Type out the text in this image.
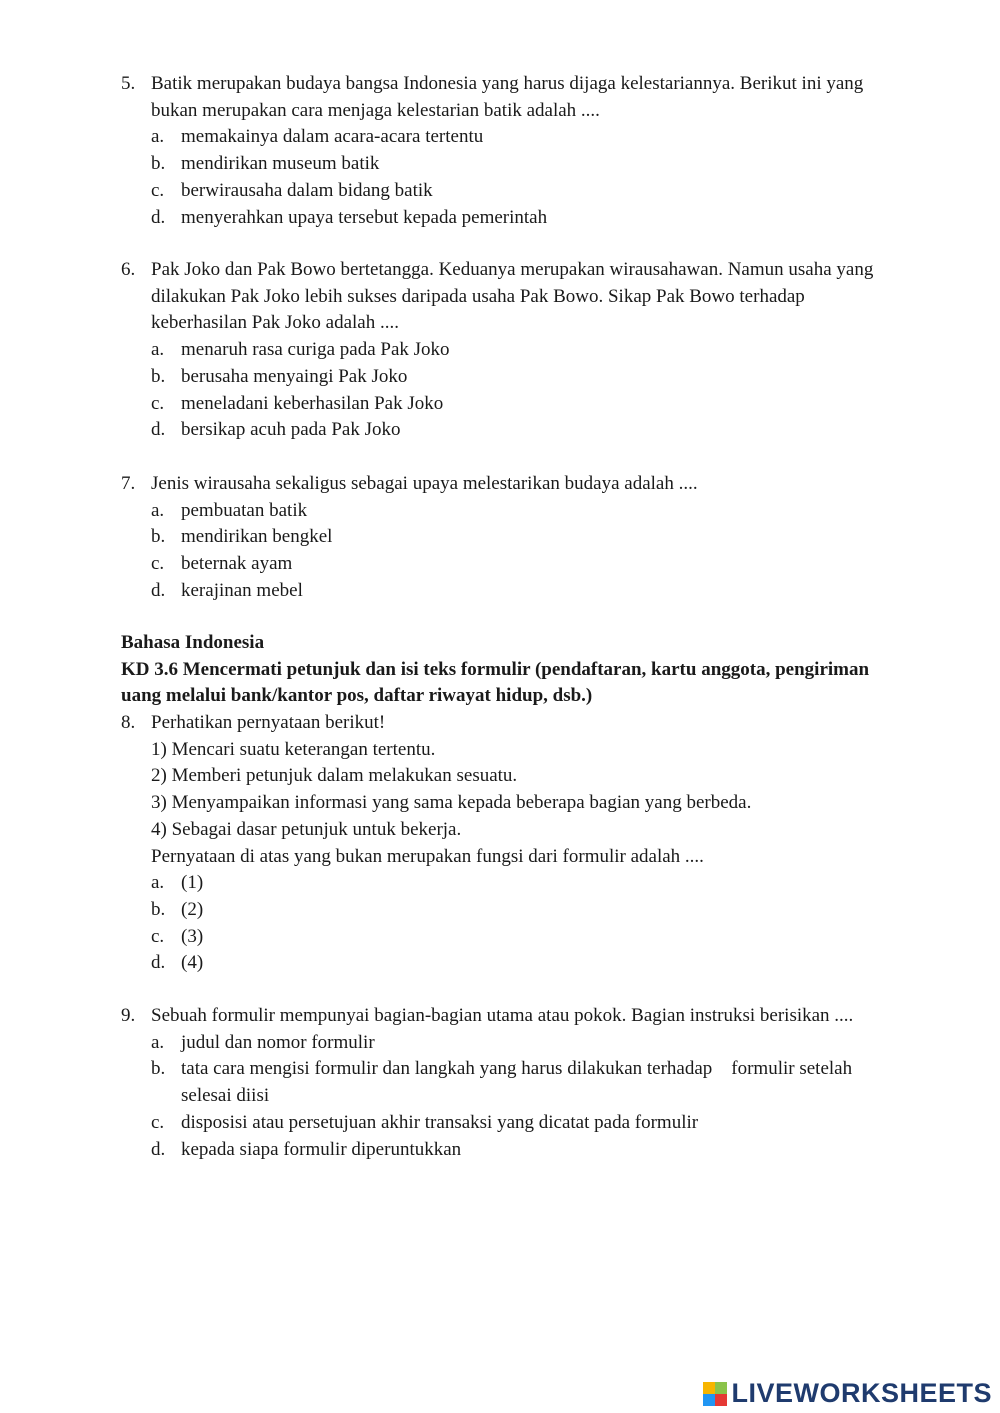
5. Batik merupakan budaya bangsa Indonesia yang harus dijaga kelestariannya. Berikut ini yang bukan merupakan cara menjaga kelestarian batik adalah ....
a. memakainya dalam acara-acara tertentu
b. mendirikan museum batik
c. berwirausaha dalam bidang batik
d. menyerahkan upaya tersebut kepada pemerintah
6. Pak Joko dan Pak Bowo bertetangga. Keduanya merupakan wirausahawan. Namun usaha yang dilakukan Pak Joko lebih sukses daripada usaha Pak Bowo. Sikap Pak Bowo terhadap keberhasilan Pak Joko adalah ....
a. menaruh rasa curiga pada Pak Joko
b. berusaha menyaingi Pak Joko
c. meneladani keberhasilan Pak Joko
d. bersikap acuh pada Pak Joko
7. Jenis wirausaha sekaligus sebagai upaya melestarikan budaya adalah ....
a. pembuatan batik
b. mendirikan bengkel
c. beternak ayam
d. kerajinan mebel
Bahasa Indonesia
KD 3.6 Mencermati petunjuk dan isi teks formulir (pendaftaran, kartu anggota, pengiriman uang melalui bank/kantor pos, daftar riwayat hidup, dsb.)
8. Perhatikan pernyataan berikut!
1) Mencari suatu keterangan tertentu.
2) Memberi petunjuk dalam melakukan sesuatu.
3) Menyampaikan informasi yang sama kepada beberapa bagian yang berbeda.
4) Sebagai dasar petunjuk untuk bekerja.
Pernyataan di atas yang bukan merupakan fungsi dari formulir adalah ....
a. (1)
b. (2)
c. (3)
d. (4)
9. Sebuah formulir mempunyai bagian-bagian utama atau pokok. Bagian instruksi berisikan ....
a. judul dan nomor formulir
b. tata cara mengisi formulir dan langkah yang harus dilakukan terhadap    formulir setelah selesai diisi
c. disposisi atau persetujuan akhir transaksi yang dicatat pada formulir
d. kepada siapa formulir diperuntukkan
LIVEWORKSHEETS
